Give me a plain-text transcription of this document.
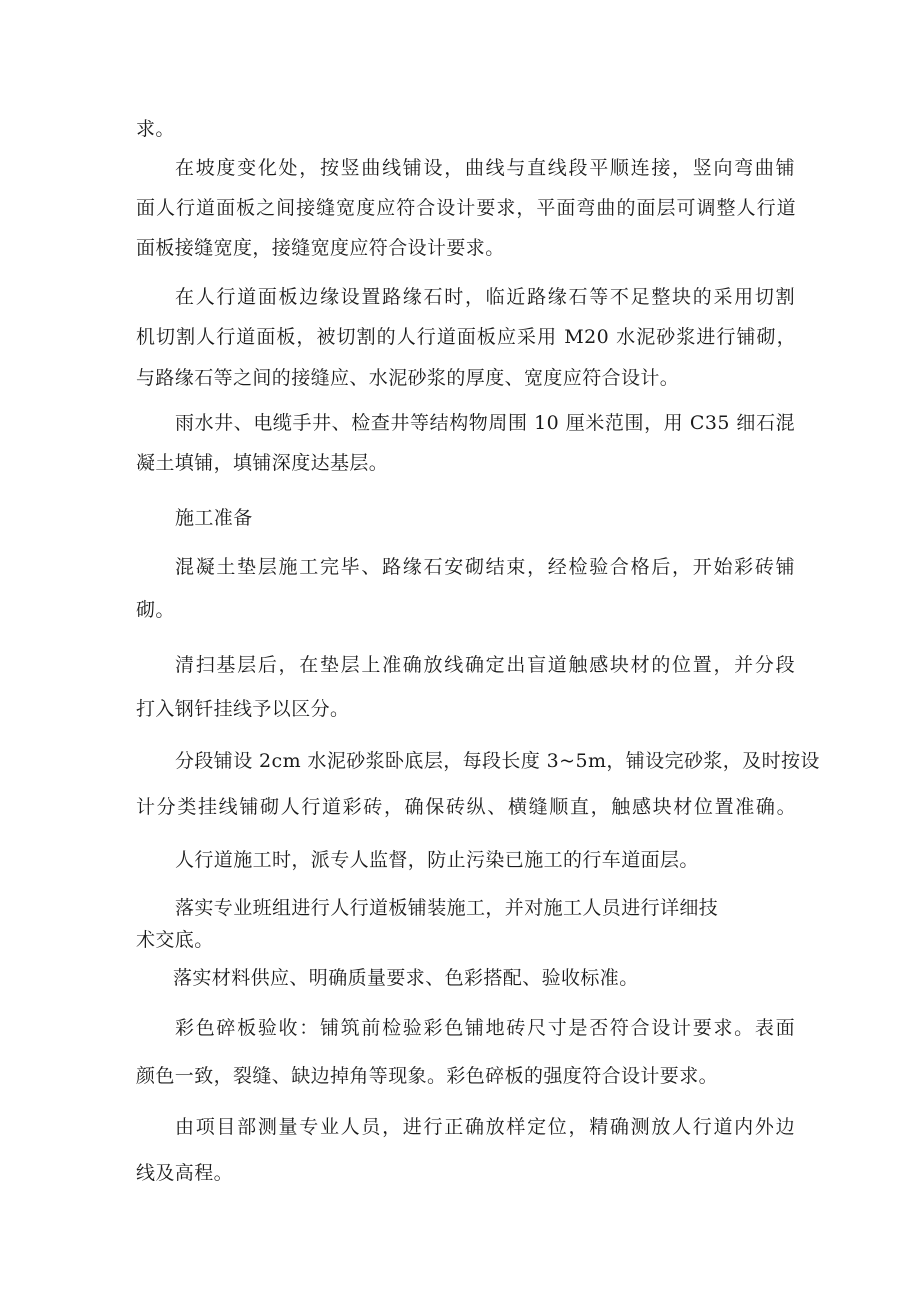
求。
在坡度变化处，按竖曲线铺设，曲线与直线段平顺连接，竖向弯曲铺
面人行道面板之间接缝宽度应符合设计要求，平面弯曲的面层可调整人行道
面板接缝宽度，接缝宽度应符合设计要求。
在人行道面板边缘设置路缘石时，临近路缘石等不足整块的采用切割
机切割人行道面板，被切割的人行道面板应采用 M20 水泥砂浆进行铺砌，
与路缘石等之间的接缝应、水泥砂浆的厚度、宽度应符合设计。
雨水井、电缆手井、检查井等结构物周围 10 厘米范围，用 C35 细石混
凝土填铺，填铺深度达基层。
施工准备
混凝土垫层施工完毕、路缘石安砌结束，经检验合格后，开始彩砖铺
砌。
清扫基层后，在垫层上准确放线确定出盲道触感块材的位置，并分段
打入钢钎挂线予以区分。
分段铺设 2cm 水泥砂浆卧底层，每段长度 3~5m，铺设完砂浆，及时按设
计分类挂线铺砌人行道彩砖，确保砖纵、横缝顺直，触感块材位置准确。
人行道施工时，派专人监督，防止污染已施工的行车道面层。
落实专业班组进行人行道板铺装施工，并对施工人员进行详细技
术交底。
落实材料供应、明确质量要求、色彩搭配、验收标准。
彩色碎板验收：铺筑前检验彩色铺地砖尺寸是否符合设计要求。表面
颜色一致，裂缝、缺边掉角等现象。彩色碎板的强度符合设计要求。
由项目部测量专业人员，进行正确放样定位，精确测放人行道内外边
线及高程。
